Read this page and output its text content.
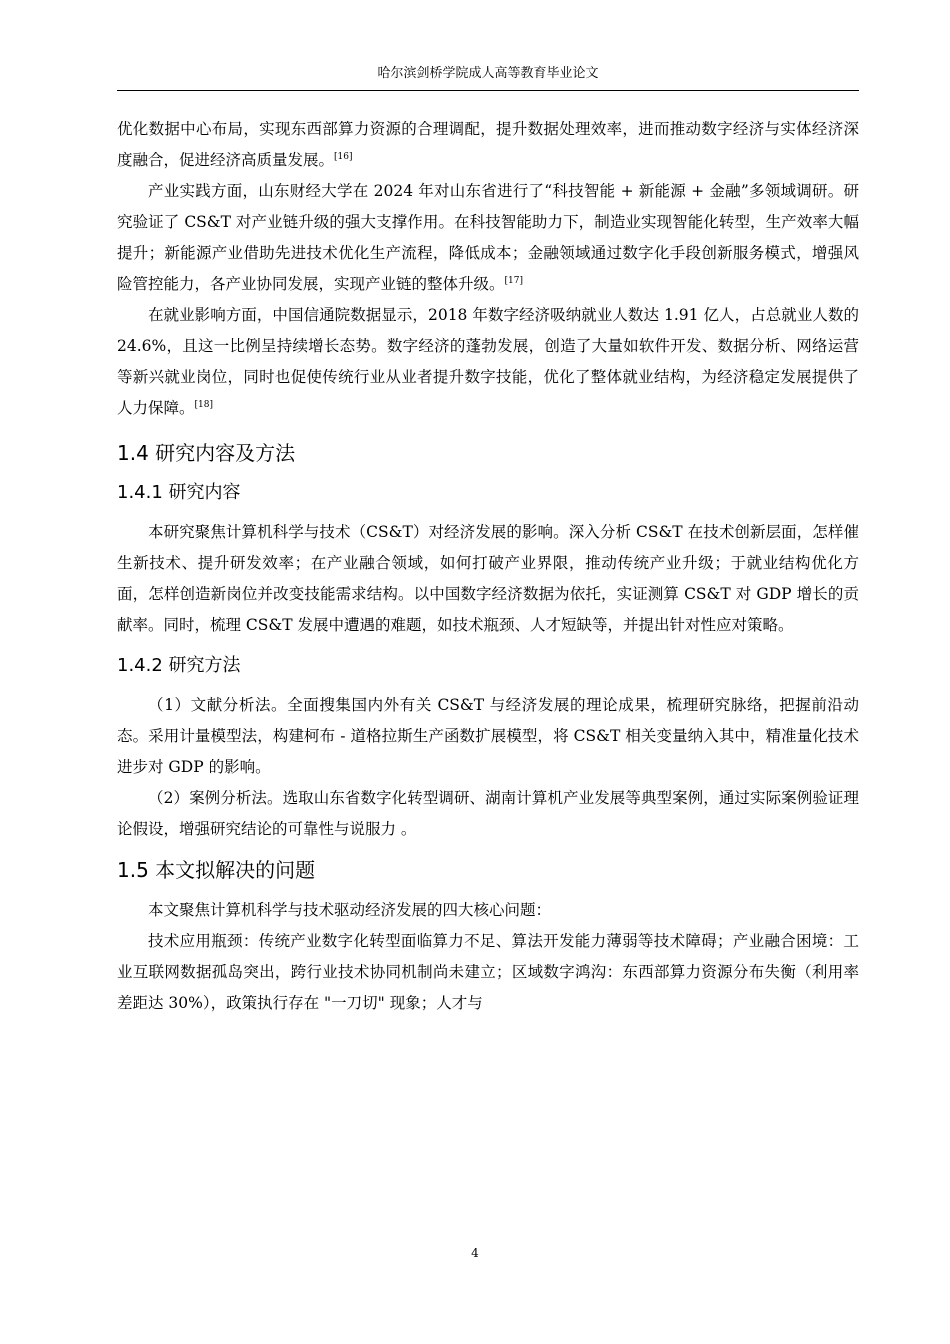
哈尔滨剑桥学院成人高等教育毕业论文

优化数据中心布局，实现东西部算力资源的合理调配，提升数据处理效率，进而推动数字经济与实体经济深度融合，促进经济高质量发展。[16]

产业实践方面，山东财经大学在 2024 年对山东省进行了“科技智能 + 新能源 + 金融”多领域调研。研究验证了 CS&T 对产业链升级的强大支撑作用。在科技智能助力下，制造业实现智能化转型，生产效率大幅提升；新能源产业借助先进技术优化生产流程，降低成本；金融领域通过数字化手段创新服务模式，增强风险管控能力，各产业协同发展，实现产业链的整体升级。[17]

在就业影响方面，中国信通院数据显示，2018 年数字经济吸纳就业人数达 1.91 亿人，占总就业人数的 24.6%，且这一比例呈持续增长态势。数字经济的蓬勃发展，创造了大量如软件开发、数据分析、网络运营等新兴就业岗位，同时也促使传统行业从业者提升数字技能，优化了整体就业结构，为经济稳定发展提供了人力保障。[18]

1.4 研究内容及方法
1.4.1 研究内容

本研究聚焦计算机科学与技术（CS&T）对经济发展的影响。深入分析 CS&T 在技术创新层面，怎样催生新技术、提升研发效率；在产业融合领域，如何打破产业界限，推动传统产业升级；于就业结构优化方面，怎样创造新岗位并改变技能需求结构。以中国数字经济数据为依托，实证测算 CS&T 对 GDP 增长的贡献率。同时，梳理 CS&T 发展中遭遇的难题，如技术瓶颈、人才短缺等，并提出针对性应对策略。

1.4.2 研究方法

（1）文献分析法。全面搜集国内外有关 CS&T 与经济发展的理论成果，梳理研究脉络，把握前沿动态。采用计量模型法，构建柯布 - 道格拉斯生产函数扩展模型，将 CS&T 相关变量纳入其中，精准量化技术进步对 GDP 的影响。

（2）案例分析法。选取山东省数字化转型调研、湖南计算机产业发展等典型案例，通过实际案例验证理论假设，增强研究结论的可靠性与说服力 。

1.5 本文拟解决的问题

本文聚焦计算机科学与技术驱动经济发展的四大核心问题：

技术应用瓶颈：传统产业数字化转型面临算力不足、算法开发能力薄弱等技术障碍；产业融合困境：工业互联网数据孤岛突出，跨行业技术协同机制尚未建立；区域数字鸿沟：东西部算力资源分布失衡（利用率差距达 30%），政策执行存在 "一刀切" 现象；人才与

4
